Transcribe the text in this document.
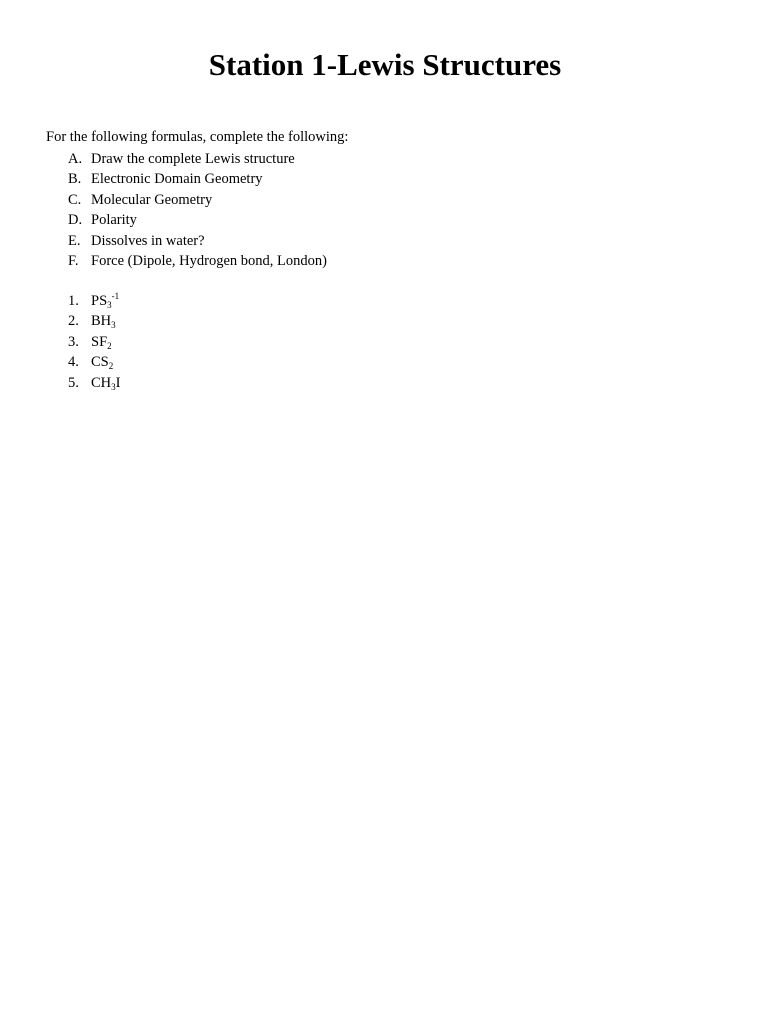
Station 1-Lewis Structures
For the following formulas, complete the following:
A. Draw the complete Lewis structure
B. Electronic Domain Geometry
C. Molecular Geometry
D. Polarity
E. Dissolves in water?
F. Force (Dipole, Hydrogen bond, London)
1. $PS_3^{-1}$
2. $BH_3$
3. $SF_2$
4. $CS_2$
5. $CH_3I$
